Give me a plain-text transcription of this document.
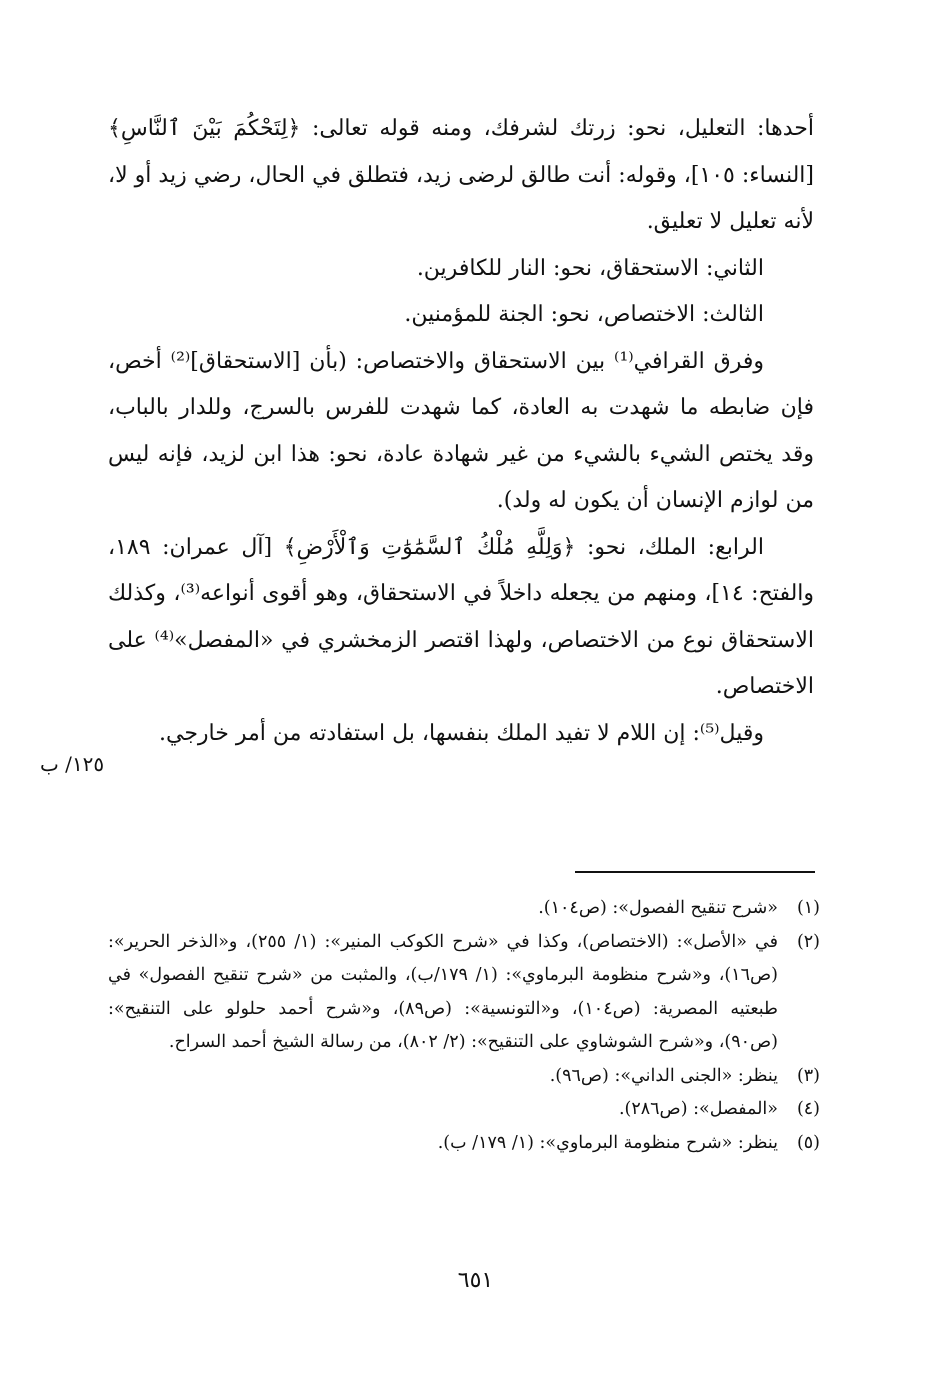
أحدها: التعليل، نحو: زرتك لشرفك، ومنه قوله تعالى: ﴿لِتَحْكُمَ بَيْنَ ٱلنَّاسِ﴾ [النساء: ١٠٥]، وقوله: أنت طالق لرضى زيد، فتطلق في الحال، رضي زيد أو لا، لأنه تعليل لا تعليق.

الثاني: الاستحقاق، نحو: النار للكافرين.

الثالث: الاختصاص، نحو: الجنة للمؤمنين.

وفرق القرافي⁽¹⁾ بين الاستحقاق والاختصاص: (بأن [الاستحقاق]⁽²⁾ أخص، فإن ضابطه ما شهدت به العادة، كما شهدت للفرس بالسرج، وللدار بالباب، وقد يختص الشيء بالشيء من غير شهادة عادة، نحو: هذا ابن لزيد، فإنه ليس من لوازم الإنسان أن يكون له ولد).

الرابع: الملك، نحو: ﴿وَلِلَّهِ مُلْكُ ٱلسَّمَٰوَٰتِ وَٱلْأَرْضِ﴾ [آل عمران: ١٨٩، والفتح: ١٤]، ومنهم من يجعله داخلاً في الاستحقاق، وهو أقوى أنواعه⁽³⁾، وكذلك الاستحقاق نوع من الاختصاص، ولهذا اقتصر الزمخشري في «المفصل»⁽⁴⁾ على الاختصاص.

وقيل⁽⁵⁾: إن اللام لا تفيد الملك بنفسها، بل استفادته من أمر خارجي.

١٢٥/ ب
(١)
«شرح تنقيح الفصول»: (ص١٠٤).
(٢)
في «الأصل»: (الاختصاص)، وكذا في «شرح الكوكب المنير»: (١/ ٢٥٥)، و«الذخر الحرير»: (ص١٦)، و«شرح منظومة البرماوي»: (١/ ١٧٩/ب)، والمثبت من «شرح تنقيح الفصول» في طبعتيه المصرية: (ص١٠٤)، و«التونسية»: (ص٨٩)، و«شرح أحمد حلولو على التنقيح»: (ص٩٠)، و«شرح الشوشاوي على التنقيح»: (٢/ ٨٠٢)، من رسالة الشيخ أحمد السراح.
(٣)
ينظر: «الجنى الداني»: (ص٩٦).
(٤)
«المفصل»: (ص٢٨٦).
(٥)
ينظر: «شرح منظومة البرماوي»: (١/ ١٧٩/ ب).
٦٥١
